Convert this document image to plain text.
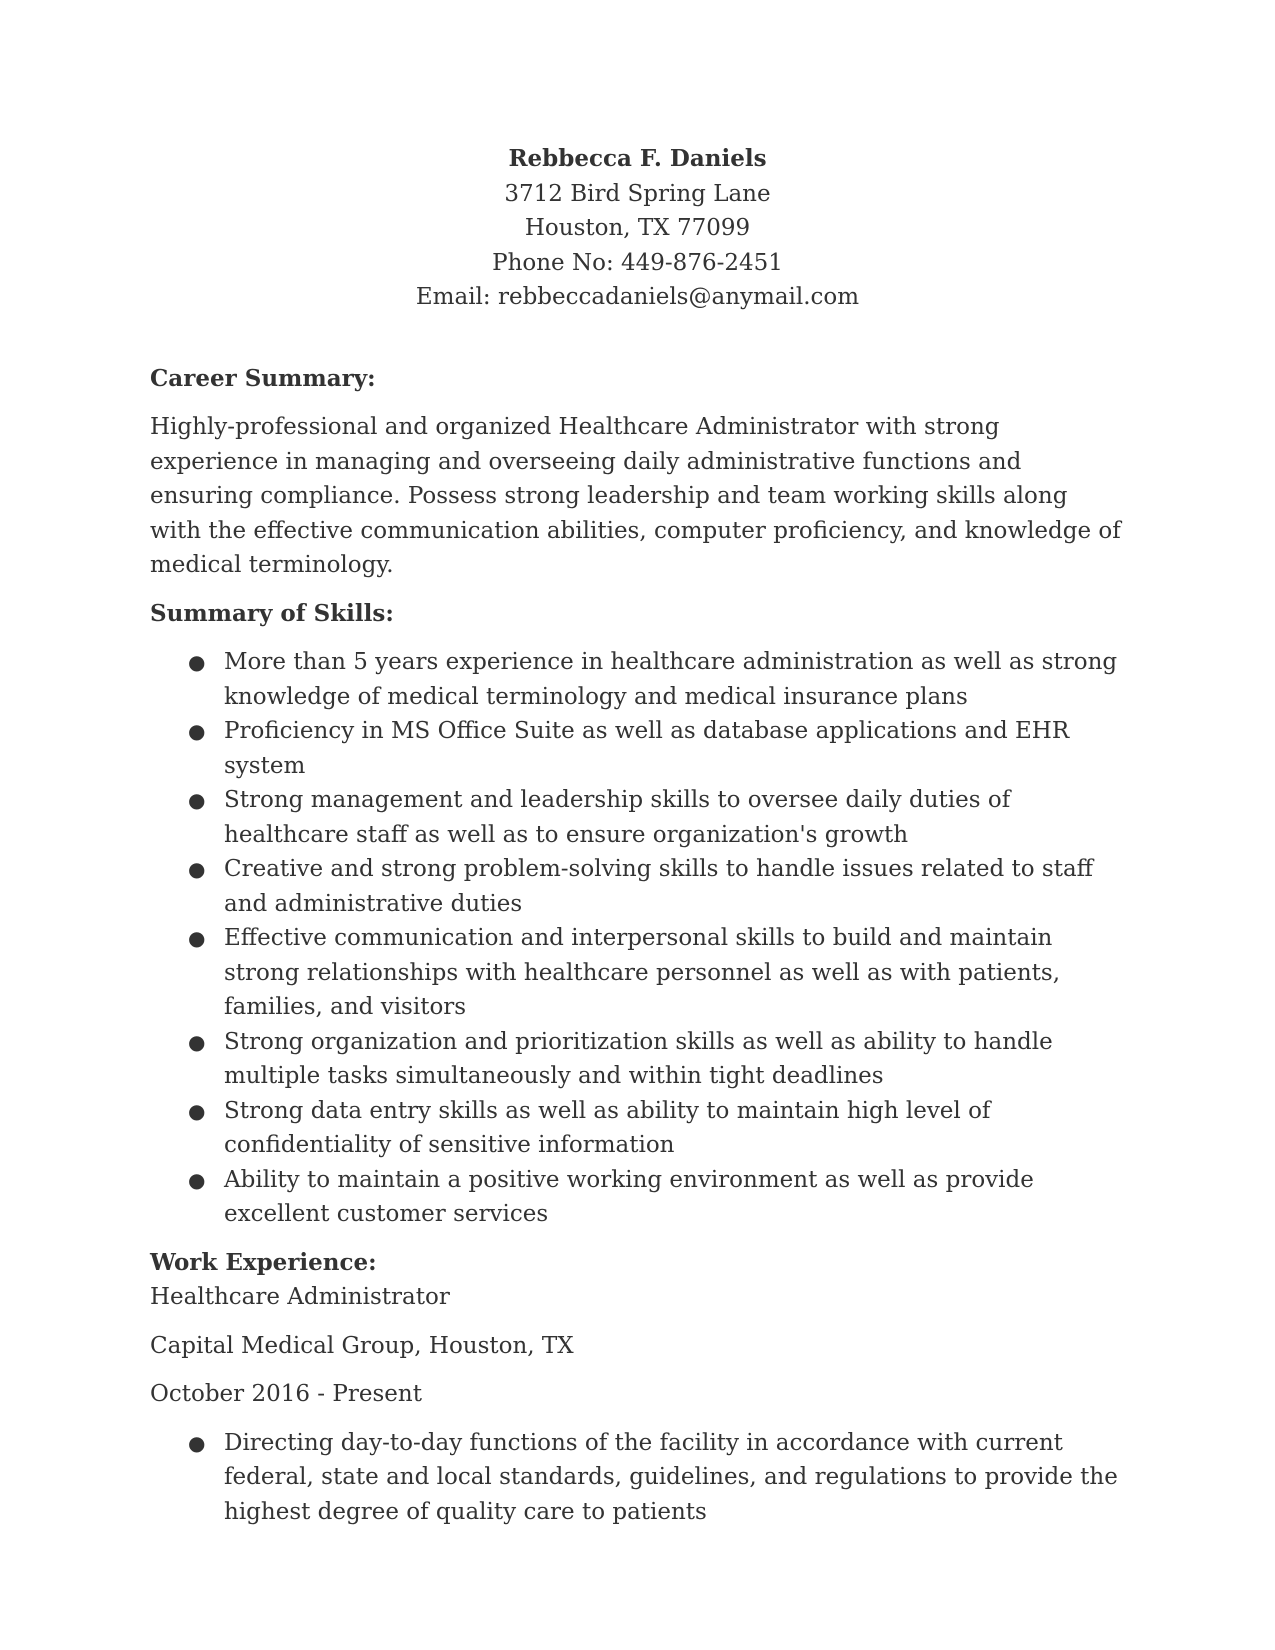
Rebbecca F. Daniels
3712 Bird Spring Lane
Houston, TX 77099
Phone No: 449-876-2451
Email: rebbeccadaniels@anymail.com
Career Summary:

Highly-professional and organized Healthcare Administrator with strong experience in managing and overseeing daily administrative functions and ensuring compliance. Possess strong leadership and team working skills along with the effective communication abilities, computer proficiency, and knowledge of medical terminology.

Summary of Skills:
● More than 5 years experience in healthcare administration as well as strong knowledge of medical terminology and medical insurance plans
● Proficiency in MS Office Suite as well as database applications and EHR system
● Strong management and leadership skills to oversee daily duties of healthcare staff as well as to ensure organization's growth
● Creative and strong problem-solving skills to handle issues related to staff and administrative duties
● Effective communication and interpersonal skills to build and maintain strong relationships with healthcare personnel as well as with patients, families, and visitors
● Strong organization and prioritization skills as well as ability to handle multiple tasks simultaneously and within tight deadlines
● Strong data entry skills as well as ability to maintain high level of confidentiality of sensitive information
● Ability to maintain a positive working environment as well as provide excellent customer services
Work Experience:
Healthcare Administrator
Capital Medical Group, Houston, TX
October 2016 - Present
● Directing day-to-day functions of the facility in accordance with current federal, state and local standards, guidelines, and regulations to provide the highest degree of quality care to patients
